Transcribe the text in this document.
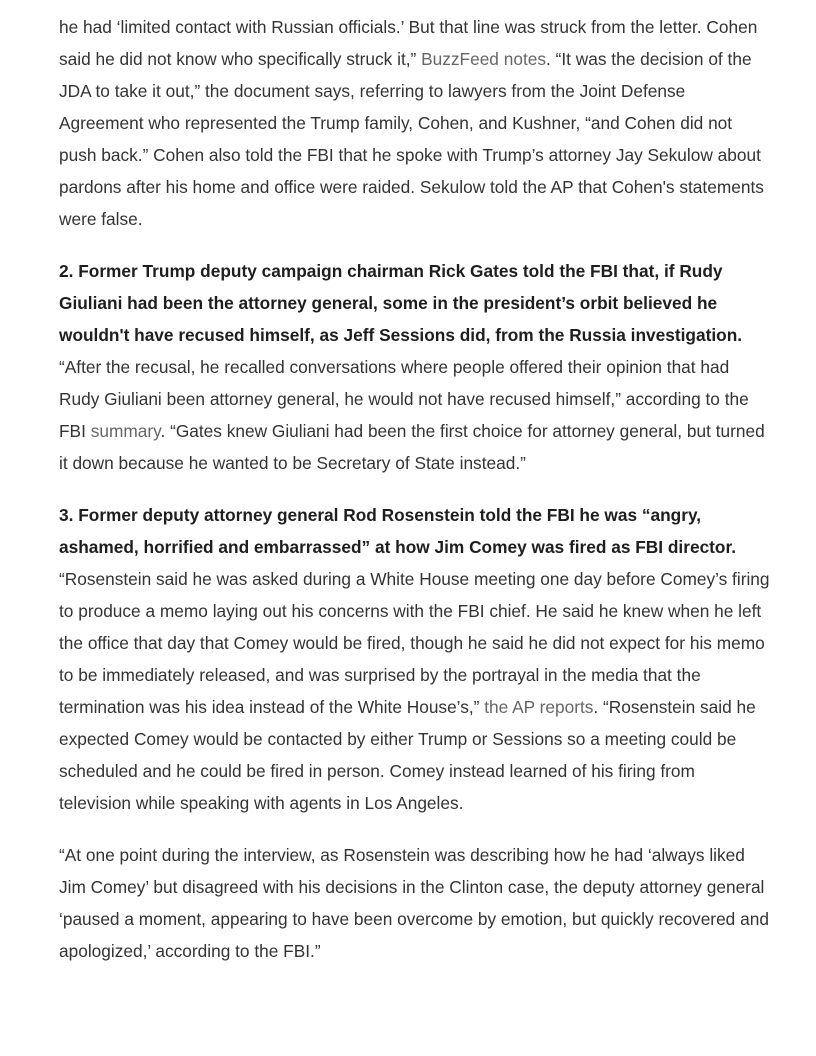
he had ‘limited contact with Russian officials.’ But that line was struck from the letter. Cohen said he did not know who specifically struck it,” BuzzFeed notes. “It was the decision of the JDA to take it out,” the document says, referring to lawyers from the Joint Defense Agreement who represented the Trump family, Cohen, and Kushner, “and Cohen did not push back.” Cohen also told the FBI that he spoke with Trump’s attorney Jay Sekulow about pardons after his home and office were raided. Sekulow told the AP that Cohen's statements were false.

2. Former Trump deputy campaign chairman Rick Gates told the FBI that, if Rudy Giuliani had been the attorney general, some in the president’s orbit believed he wouldn't have recused himself, as Jeff Sessions did, from the Russia investigation. “After the recusal, he recalled conversations where people offered their opinion that had Rudy Giuliani been attorney general, he would not have recused himself,” according to the FBI summary. “Gates knew Giuliani had been the first choice for attorney general, but turned it down because he wanted to be Secretary of State instead.”

3. Former deputy attorney general Rod Rosenstein told the FBI he was “angry, ashamed, horrified and embarrassed” at how Jim Comey was fired as FBI director. “Rosenstein said he was asked during a White House meeting one day before Comey’s firing to produce a memo laying out his concerns with the FBI chief. He said he knew when he left the office that day that Comey would be fired, though he said he did not expect for his memo to be immediately released, and was surprised by the portrayal in the media that the termination was his idea instead of the White House’s,” the AP reports. “Rosenstein said he expected Comey would be contacted by either Trump or Sessions so a meeting could be scheduled and he could be fired in person. Comey instead learned of his firing from television while speaking with agents in Los Angeles.

“At one point during the interview, as Rosenstein was describing how he had ‘always liked Jim Comey’ but disagreed with his decisions in the Clinton case, the deputy attorney general ‘paused a moment, appearing to have been overcome by emotion, but quickly recovered and apologized,’ according to the FBI.”
